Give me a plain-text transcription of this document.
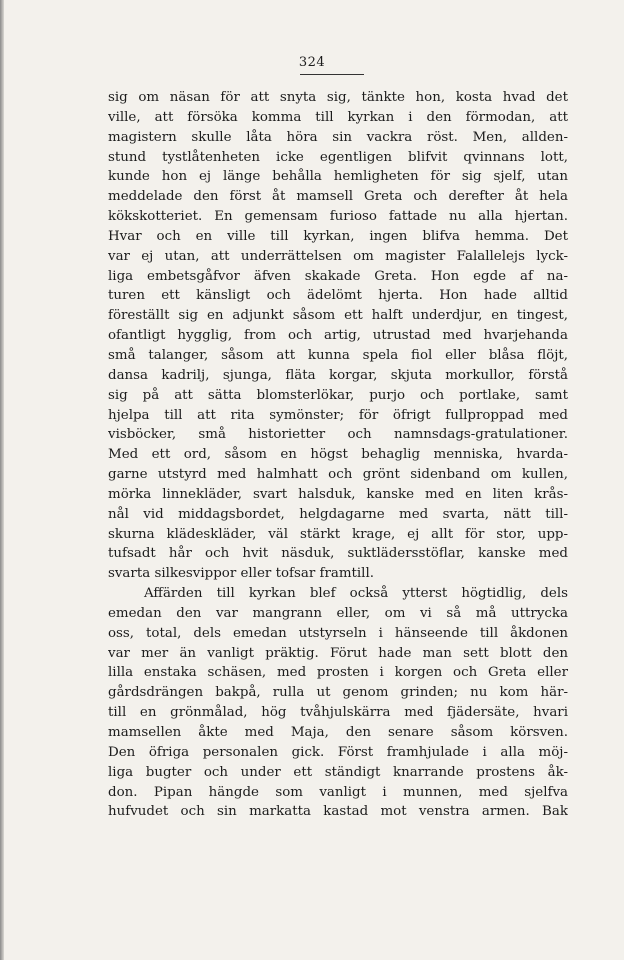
324
sig om näsan för att snyta sig, tänkte hon, kosta hvad det
ville, att försöka komma till kyrkan i den förmodan, att
magistern skulle låta höra sin vackra röst. Men, allden-
stund tystlåtenheten icke egentligen blifvit qvinnans lott,
kunde hon ej länge behålla hemligheten för sig sjelf, utan
meddelade den först åt mamsell Greta och derefter åt hela
kökskotteriet. En gemensam furioso fattade nu alla hjertan.
Hvar och en ville till kyrkan, ingen blifva hemma. Det
var ej utan, att underrättelsen om magister Falallelejs lyck-
liga embetsgåfvor äfven skakade Greta. Hon egde af na-
turen ett känsligt och ädelömt hjerta. Hon hade alltid
föreställt sig en adjunkt såsom ett halft underdjur, en tingest,
ofantligt hygglig, from och artig, utrustad med hvarjehanda
små talanger, såsom att kunna spela fiol eller blåsa flöjt,
dansa kadrilj, sjunga, fläta korgar, skjuta morkullor, förstå
sig på att sätta blomsterlökar, purjo och portlake, samt
hjelpa till att rita symönster; för öfrigt fullproppad med
visböcker, små historietter och namnsdags-gratulationer.
Med ett ord, såsom en högst behaglig menniska, hvarda-
garne utstyrd med halmhatt och grönt sidenband om kullen,
mörka linnekläder, svart halsduk, kanske med en liten krås-
nål vid middagsbordet, helgdagarne med svarta, nätt till-
skurna klädeskläder, väl stärkt krage, ej allt för stor, upp-
tufsadt hår och hvit näsduk, suktlädersstöflar, kanske med
svarta silkesvippor eller tofsar framtill.
Affärden till kyrkan blef också ytterst högtidlig, dels
emedan den var mangrann eller, om vi så må uttrycka
oss, total, dels emedan utstyrseln i hänseende till åkdonen
var mer än vanligt präktig. Förut hade man sett blott den
lilla enstaka schäsen, med prosten i korgen och Greta eller
gårdsdrängen bakpå, rulla ut genom grinden; nu kom här-
till en grönmålad, hög tvåhjulskärra med fjädersäte, hvari
mamsellen åkte med Maja, den senare såsom körsven.
Den öfriga personalen gick. Först framhjulade i alla möj-
liga bugter och under ett ständigt knarrande prostens åk-
don. Pipan hängde som vanligt i munnen, med sjelfva
hufvudet och sin markatta kastad mot venstra armen. Bak
